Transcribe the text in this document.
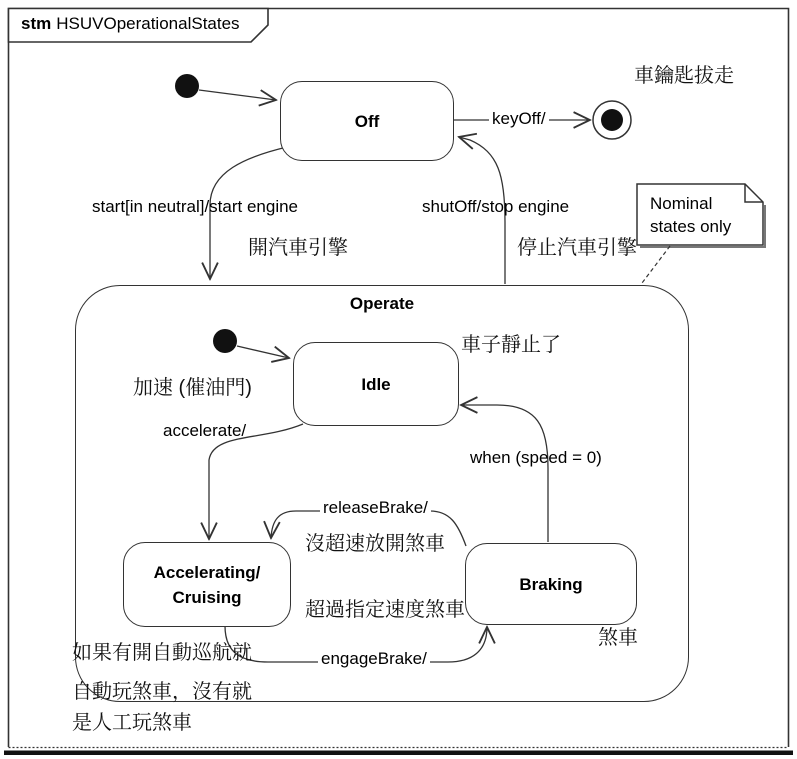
Operate
stm HSUVOperationalStates
Off
Idle
Accelerating/
Cruising
Braking
Nominal
states only
keyOff/
start[in neutral]/start engine	shutOff/stop engine
accelerate/
releaseBrake/
engageBrake/
when (speed = 0)
車鑰匙拔走
開汽車引擎	停止汽車引擎
車子靜止了
加速 (催油門)
沒超速放開煞車
超過指定速度煞車
煞車
如果有開自動巡航就
自動玩煞車，沒有就
是人工玩煞車
